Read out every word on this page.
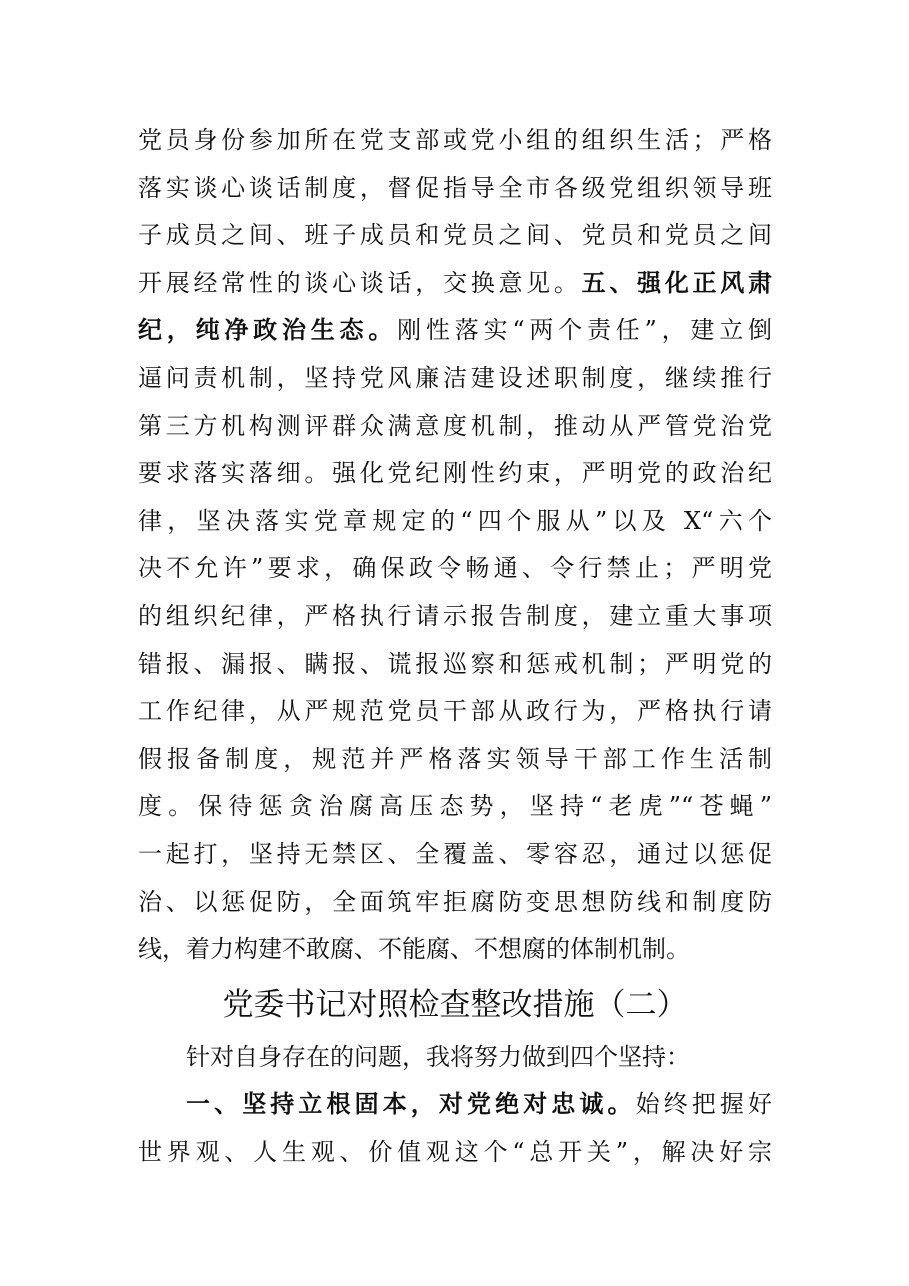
党员身份参加所在党支部或党小组的组织生活；严格
落实谈心谈话制度，督促指导全市各级党组织领导班
子成员之间、班子成员和党员之间、党员和党员之间
开展经常性的谈心谈话，交换意见。五、强化正风肃
纪，纯净政治生态。刚性落实“两个责任”，建立倒
逼问责机制，坚持党风廉洁建设述职制度，继续推行
第三方机构测评群众满意度机制，推动从严管党治党
要求落实落细。强化党纪刚性约束，严明党的政治纪
律，坚决落实党章规定的“四个服从”以及 X“六个
决不允许”要求，确保政令畅通、令行禁止；严明党
的组织纪律，严格执行请示报告制度，建立重大事项
错报、漏报、瞒报、谎报巡察和惩戒机制；严明党的
工作纪律，从严规范党员干部从政行为，严格执行请
假报备制度，规范并严格落实领导干部工作生活制
度。保待惩贪治腐高压态势，坚持“老虎”“苍蝇”
一起打，坚持无禁区、全覆盖、零容忍，通过以惩促
治、以惩促防，全面筑牢拒腐防变思想防线和制度防
线，着力构建不敢腐、不能腐、不想腐的体制机制。
党委书记对照检查整改措施（二）
针对自身存在的问题，我将努力做到四个坚持：
一、坚持立根固本，对党绝对忠诚。始终把握好
世界观、人生观、价值观这个“总开关”，解决好宗
